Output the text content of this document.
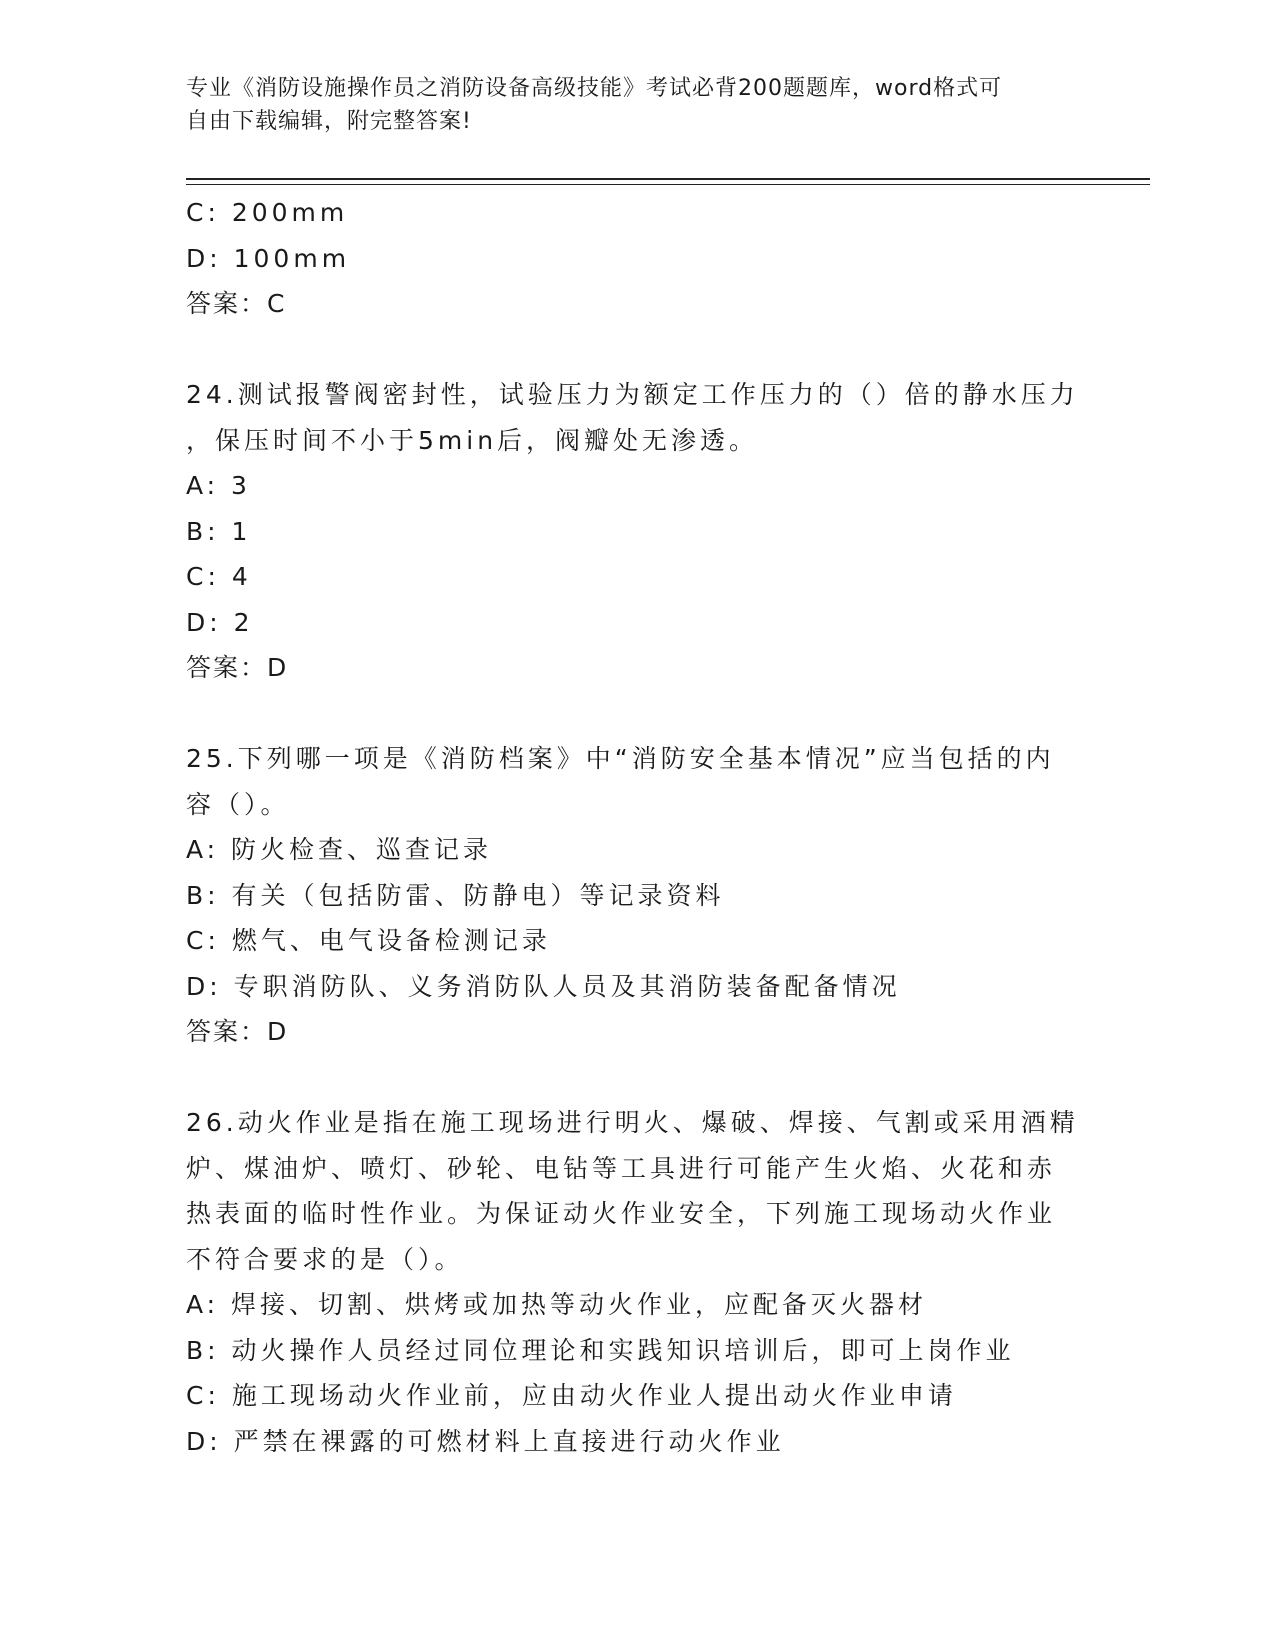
专业《消防设施操作员之消防设备高级技能》考试必背200题题库，word格式可
自由下载编辑，附完整答案!
C: 200mm
D: 100mm
答案：C
24.测试报警阀密封性，试验压力为额定工作压力的（）倍的静水压力
，保压时间不小于5min后，阀瓣处无渗透。
A: 3
B: 1
C: 4
D: 2
答案：D
25.下列哪一项是《消防档案》中“消防安全基本情况”应当包括的内
容（）。
A: 防火检查、巡查记录
B: 有关（包括防雷、防静电）等记录资料
C: 燃气、电气设备检测记录
D: 专职消防队、义务消防队人员及其消防装备配备情况
答案：D
26.动火作业是指在施工现场进行明火、爆破、焊接、气割或采用酒精
炉、煤油炉、喷灯、砂轮、电钻等工具进行可能产生火焰、火花和赤
热表面的临时性作业。为保证动火作业安全，下列施工现场动火作业
不符合要求的是（）。
A: 焊接、切割、烘烤或加热等动火作业，应配备灭火器材
B: 动火操作人员经过同位理论和实践知识培训后，即可上岗作业
C: 施工现场动火作业前，应由动火作业人提出动火作业申请
D: 严禁在裸露的可燃材料上直接进行动火作业
